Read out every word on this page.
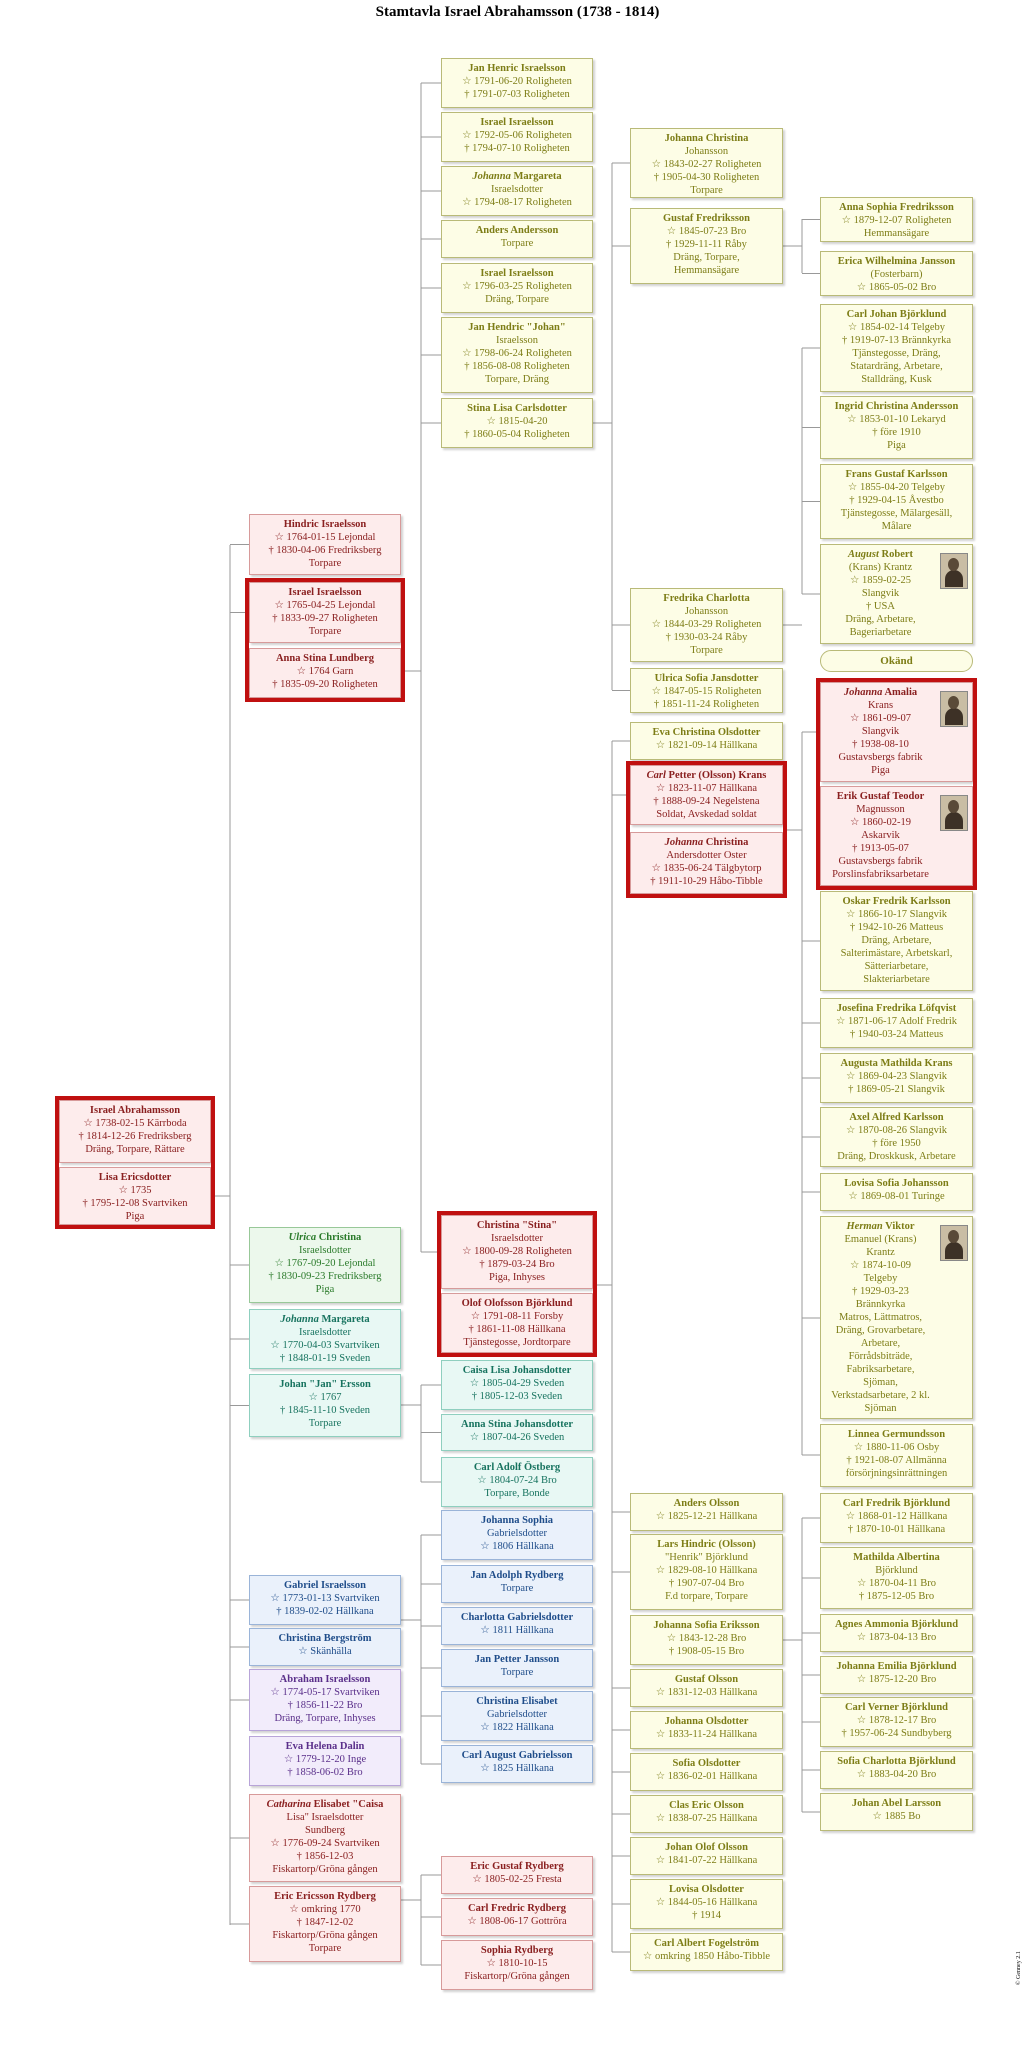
Stamtavla Israel Abrahamsson (1738 - 1814)
Jan Henric Israelsson
☆ 1791-06-20 Roligheten
† 1791-07-03 Roligheten
Israel Israelsson
☆ 1792-05-06 Roligheten
† 1794-07-10 Roligheten
Johanna Margareta
Israelsdotter
☆ 1794-08-17 Roligheten
Anders Andersson
Torpare
Israel Israelsson
☆ 1796-03-25 Roligheten
Dräng, Torpare
Jan Hendric "Johan"
Israelsson
☆ 1798-06-24 Roligheten
† 1856-08-08 Roligheten
Torpare, Dräng
Stina Lisa Carlsdotter
☆ 1815-04-20
† 1860-05-04 Roligheten
Johanna Christina
Johansson
☆ 1843-02-27 Roligheten
† 1905-04-30 Roligheten
Torpare
Gustaf Fredriksson
☆ 1845-07-23 Bro
† 1929-11-11 Råby
Dräng, Torpare,
Hemmansägare
Anna Sophia Fredriksson
☆ 1879-12-07 Roligheten
Hemmansägare
Erica Wilhelmina Jansson
(Fosterbarn)
☆ 1865-05-02 Bro
Carl Johan Björklund
☆ 1854-02-14 Telgeby
† 1919-07-13 Brännkyrka
Tjänstegosse, Dräng,
Statardräng, Arbetare,
Stalldräng, Kusk
Ingrid Christina Andersson
☆ 1853-01-10 Lekaryd
† före 1910
Piga
Frans Gustaf Karlsson
☆ 1855-04-20 Telgeby
† 1929-04-15 Åvestbo
Tjänstegosse, Mälargesäll,
Målare
August Robert
(Krans) Krantz
☆ 1859-02-25
Slangvik
† USA
Dräng, Arbetare,
Bageriarbetare
Hindric Israelsson
☆ 1764-01-15 Lejondal
† 1830-04-06 Fredriksberg
Torpare
Israel Israelsson
☆ 1765-04-25 Lejondal
† 1833-09-27 Roligheten
Torpare
Anna Stina Lundberg
☆ 1764 Garn
† 1835-09-20 Roligheten
Fredrika Charlotta
Johansson
☆ 1844-03-29 Roligheten
† 1930-03-24 Råby
Torpare
Ulrica Sofia Jansdotter
☆ 1847-05-15 Roligheten
† 1851-11-24 Roligheten
Eva Christina Olsdotter
☆ 1821-09-14 Hällkana
Carl Petter (Olsson) Krans
☆ 1823-11-07 Hällkana
† 1888-09-24 Negelstena
Soldat, Avskedad soldat
Johanna Christina
Andersdotter Oster
☆ 1835-06-24 Tälgbytorp
† 1911-10-29 Håbo-Tibble
Johanna Amalia
Krans
☆ 1861-09-07
Slangvik
† 1938-08-10
Gustavsbergs fabrik
Piga
Erik Gustaf Teodor
Magnusson
☆ 1860-02-19
Askarvik
† 1913-05-07
Gustavsbergs fabrik
Porslinsfabriksarbetare
Oskar Fredrik Karlsson
☆ 1866-10-17 Slangvik
† 1942-10-26 Matteus
Dräng, Arbetare,
Salterimästare, Arbetskarl,
Sätteriarbetare,
Slakteriarbetare
Josefina Fredrika Löfqvist
☆ 1871-06-17 Adolf Fredrik
† 1940-03-24 Matteus
Augusta Mathilda Krans
☆ 1869-04-23 Slangvik
† 1869-05-21 Slangvik
Axel Alfred Karlsson
☆ 1870-08-26 Slangvik
† före 1950
Dräng, Droskkusk, Arbetare
Lovisa Sofia Johansson
☆ 1869-08-01 Turinge
Israel Abrahamsson
☆ 1738-02-15 Kärrboda
† 1814-12-26 Fredriksberg
Dräng, Torpare, Rättare
Lisa Ericsdotter
☆ 1735
† 1795-12-08 Svartviken
Piga
Christina "Stina"
Israelsdotter
☆ 1800-09-28 Roligheten
† 1879-03-24 Bro
Piga, Inhyses
Olof Olofsson Björklund
☆ 1791-08-11 Forsby
† 1861-11-08 Hällkana
Tjänstegosse, Jordtorpare
Ulrica Christina
Israelsdotter
☆ 1767-09-20 Lejondal
† 1830-09-23 Fredriksberg
Piga
Johanna Margareta
Israelsdotter
☆ 1770-04-03 Svartviken
† 1848-01-19 Sveden
Johan "Jan" Ersson
☆ 1767
† 1845-11-10 Sveden
Torpare
Caisa Lisa Johansdotter
☆ 1805-04-29 Sveden
† 1805-12-03 Sveden
Anna Stina Johansdotter
☆ 1807-04-26 Sveden
Carl Adolf Östberg
☆ 1804-07-24 Bro
Torpare, Bonde
Herman Viktor
Emanuel (Krans)
Krantz
☆ 1874-10-09
Telgeby
† 1929-03-23
Brännkyrka
Matros, Lättmatros,
Dräng, Grovarbetare,
Arbetare,
Förrådsbiträde,
Fabriksarbetare,
Sjöman,
Verkstadsarbetare, 2 kl.
Sjöman
Linnea Germundsson
☆ 1880-11-06 Osby
† 1921-08-07 Allmänna
försörjningsinrättningen
Johanna Sophia
Gabrielsdotter
☆ 1806 Hällkana
Jan Adolph Rydberg
Torpare
Charlotta Gabrielsdotter
☆ 1811 Hällkana
Jan Petter Jansson
Torpare
Christina Elisabet
Gabrielsdotter
☆ 1822 Hällkana
Carl August Gabrielsson
☆ 1825 Hällkana
Gabriel Israelsson
☆ 1773-01-13 Svartviken
† 1839-02-02 Hällkana
Christina Bergström
☆ Skänhälla
Abraham Israelsson
☆ 1774-05-17 Svartviken
† 1856-11-22 Bro
Dräng, Torpare, Inhyses
Eva Helena Dalin
☆ 1779-12-20 Inge
† 1858-06-02 Bro
Catharina Elisabet "Caisa
Lisa" Israelsdotter
Sundberg
☆ 1776-09-24 Svartviken
† 1856-12-03
Fiskartorp/Gröna gången
Eric Ericsson Rydberg
☆ omkring 1770
† 1847-12-02
Fiskartorp/Gröna gången
Torpare
Eric Gustaf Rydberg
☆ 1805-02-25 Fresta
Carl Fredric Rydberg
☆ 1808-06-17 Gottröra
Sophia Rydberg
☆ 1810-10-15
Fiskartorp/Gröna gången
Anders Olsson
☆ 1825-12-21 Hällkana
Lars Hindric (Olsson)
"Henrik" Björklund
☆ 1829-08-10 Hällkana
† 1907-07-04 Bro
F.d torpare, Torpare
Johanna Sofia Eriksson
☆ 1843-12-28 Bro
† 1908-05-15 Bro
Gustaf Olsson
☆ 1831-12-03 Hällkana
Johanna Olsdotter
☆ 1833-11-24 Hällkana
Sofia Olsdotter
☆ 1836-02-01 Hällkana
Clas Eric Olsson
☆ 1838-07-25 Hällkana
Johan Olof Olsson
☆ 1841-07-22 Hällkana
Lovisa Olsdotter
☆ 1844-05-16 Hällkana
† 1914
Carl Albert Fogelström
☆ omkring 1850 Håbo-Tibble
Carl Fredrik Björklund
☆ 1868-01-12 Hällkana
† 1870-10-01 Hällkana
Mathilda Albertina
Björklund
☆ 1870-04-11 Bro
† 1875-12-05 Bro
Agnes Ammonia Björklund
☆ 1873-04-13 Bro
Johanna Emilia Björklund
☆ 1875-12-20 Bro
Carl Verner Björklund
☆ 1878-12-17 Bro
† 1957-06-24 Sundbyberg
Sofia Charlotta Björklund
☆ 1883-04-20 Bro
Johan Abel Larsson
☆ 1885 Bo
Okänd
© Genney 2.1
